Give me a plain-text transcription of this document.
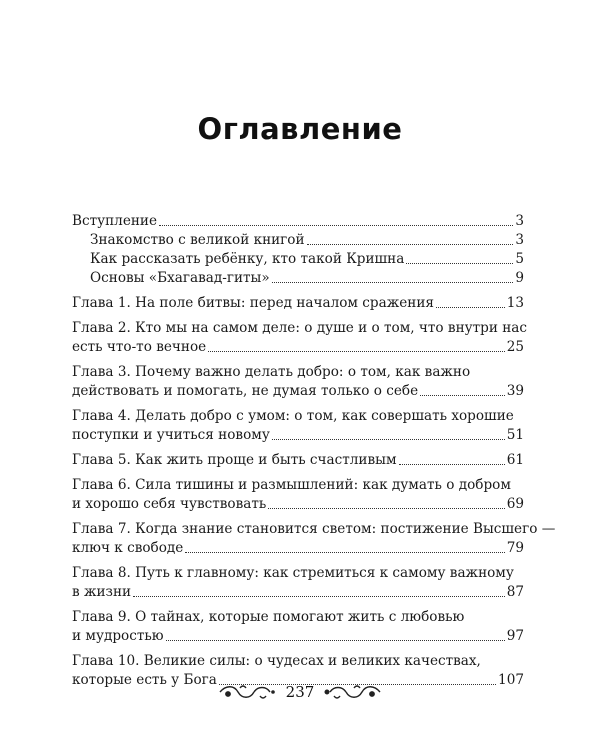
Оглавление
Вступление	3
Знакомство с великой книгой	3
Как рассказать ребёнку, кто такой Кришна	5
Основы «Бхагавад-гиты»	9
Глава 1. На поле битвы: перед началом сражения	13
Глава 2. Кто мы на самом деле: о душе и о том, что внутри нас
есть что-то вечное	25
Глава 3. Почему важно делать добро: о том, как важно
действовать и помогать, не думая только о себе	39
Глава 4. Делать добро с умом: о том, как совершать хорошие
поступки и учиться новому	51
Глава 5. Как жить проще и быть счастливым	61
Глава 6. Сила тишины и размышлений: как думать о добром
и хорошо себя чувствовать	69
Глава 7. Когда знание становится светом: постижение Высшего —
ключ к свободе	79
Глава 8. Путь к главному: как стремиться к самому важному
в жизни	87
Глава 9. О тайнах, которые помогают жить с любовью
и мудростью	97
Глава 10. Великие силы: о чудесах и великих качествах,
которые есть у Бога	107
237
